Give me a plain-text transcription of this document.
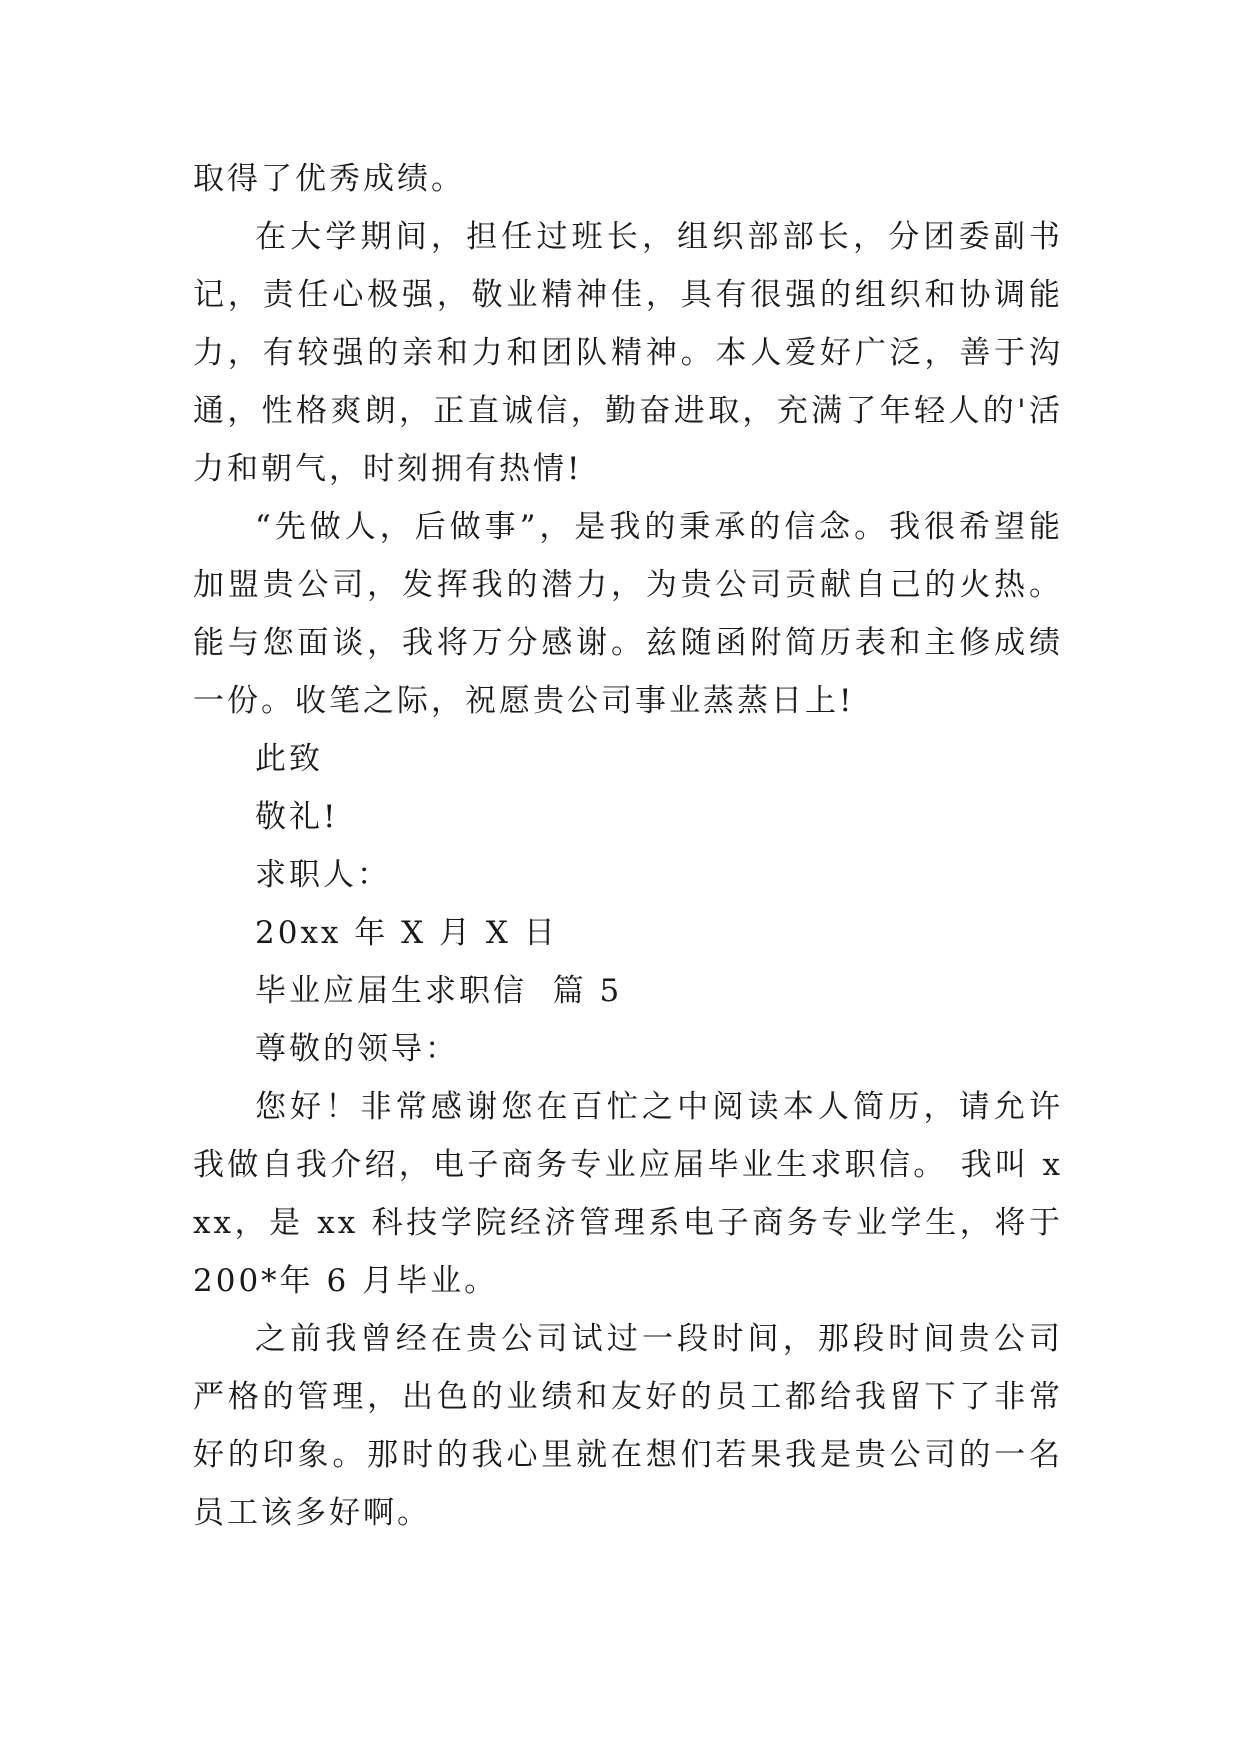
取得了优秀成绩。

在大学期间，担任过班长，组织部部长，分团委副书记，责任心极强，敬业精神佳，具有很强的组织和协调能力，有较强的亲和力和团队精神。本人爱好广泛，善于沟通，性格爽朗，正直诚信，勤奋进取，充满了年轻人的'活力和朝气，时刻拥有热情!

“先做人，后做事”，是我的秉承的信念。我很希望能加盟贵公司，发挥我的潜力，为贵公司贡献自己的火热。能与您面谈，我将万分感谢。兹随函附简历表和主修成绩一份。收笔之际，祝愿贵公司事业蒸蒸日上!

此致

敬礼!

求职人：

20xx 年 X 月 X 日

毕业应届生求职信  篇 5

尊敬的领导：

您好！非常感谢您在百忙之中阅读本人简历，请允许我做自我介绍，电子商务专业应届毕业生求职信。 我叫 xxx，是 xx 科技学院经济管理系电子商务专业学生，将于 200*年 6 月毕业。

之前我曾经在贵公司试过一段时间，那段时间贵公司严格的管理，出色的业绩和友好的员工都给我留下了非常好的印象。那时的我心里就在想们若果我是贵公司的一名员工该多好啊。
